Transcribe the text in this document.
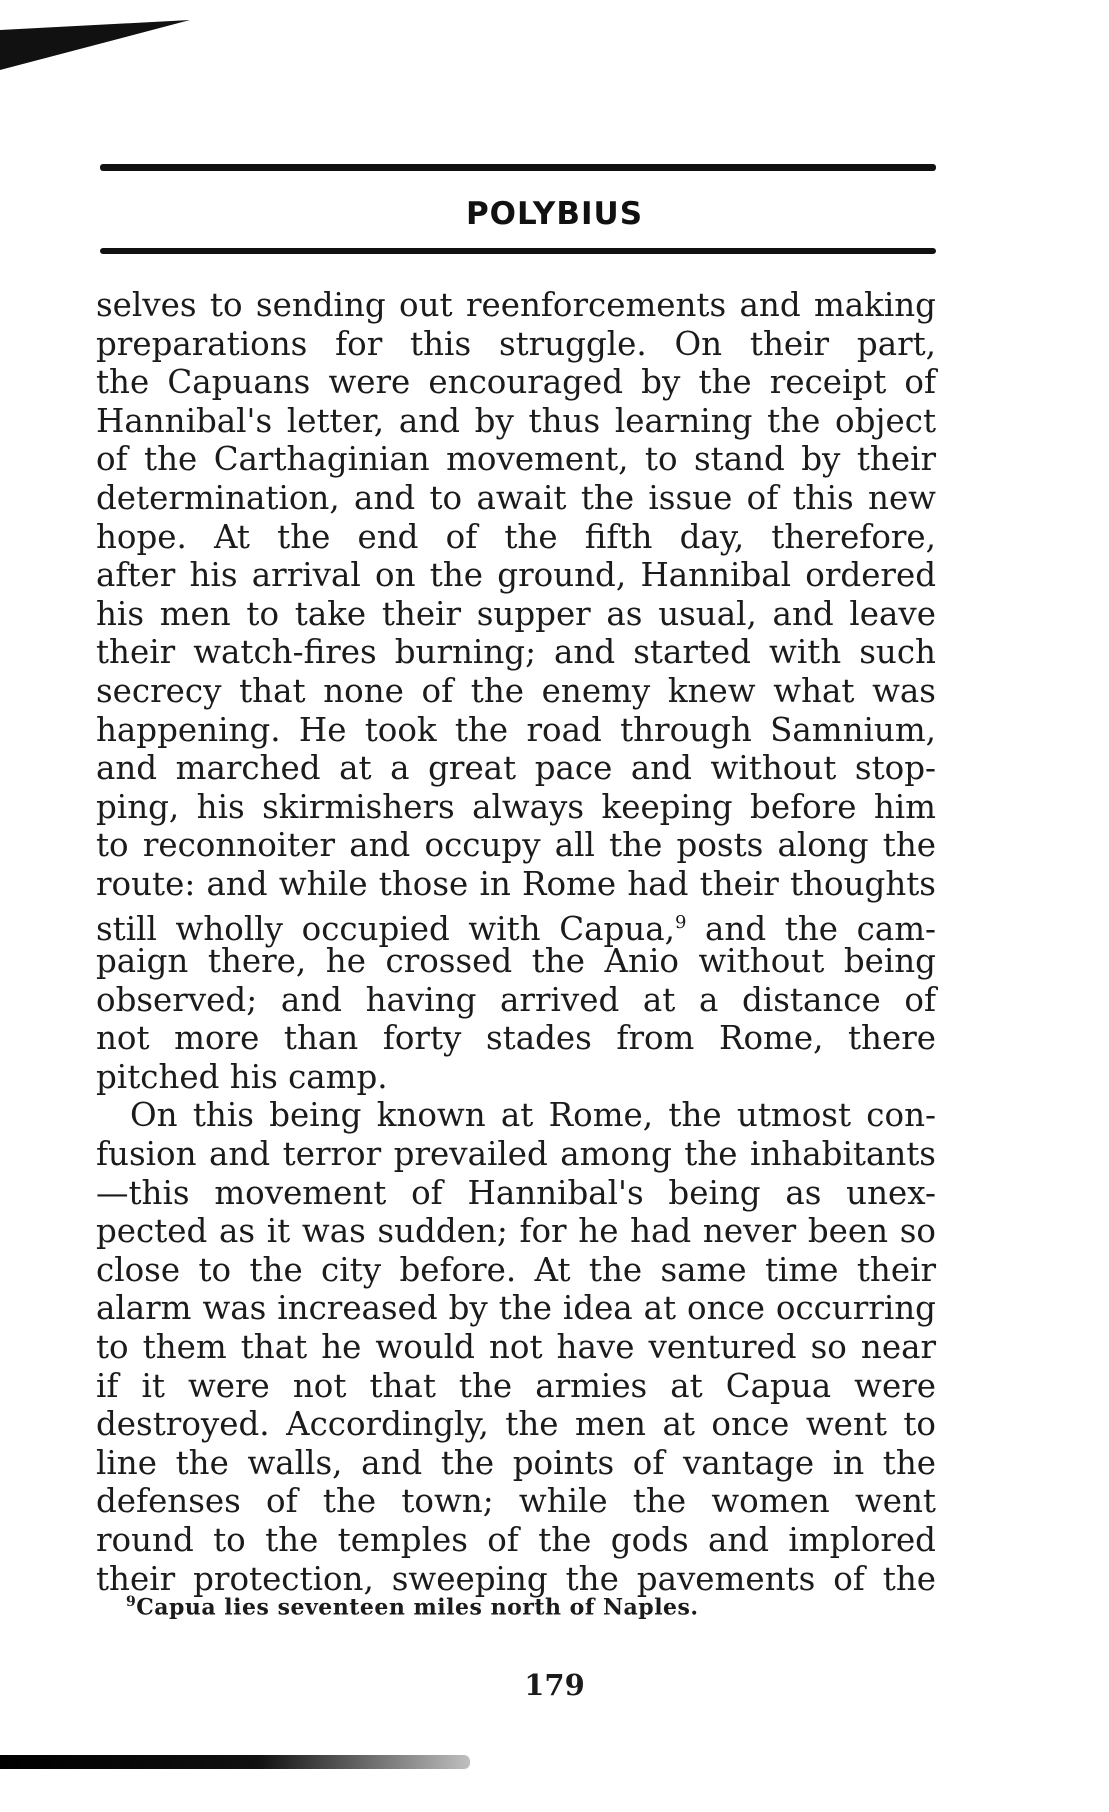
POLYBIUS
selves to sending out reenforcements and making
preparations for this struggle. On their part,
the Capuans were encouraged by the receipt of
Hannibal's letter, and by thus learning the object
of the Carthaginian movement, to stand by their
determination, and to await the issue of this new
hope. At the end of the fifth day, therefore,
after his arrival on the ground, Hannibal ordered
his men to take their supper as usual, and leave
their watch-fires burning; and started with such
secrecy that none of the enemy knew what was
happening. He took the road through Samnium,
and marched at a great pace and without stop-
ping, his skirmishers always keeping before him
to reconnoiter and occupy all the posts along the
route: and while those in Rome had their thoughts
still wholly occupied with Capua,$^9$ and the cam-
paign there, he crossed the Anio without being
observed; and having arrived at a distance of
not more than forty stades from Rome, there
pitched his camp.
On this being known at Rome, the utmost con-
fusion and terror prevailed among the inhabitants
—this movement of Hannibal's being as unex-
pected as it was sudden; for he had never been so
close to the city before. At the same time their
alarm was increased by the idea at once occurring
to them that he would not have ventured so near
if it were not that the armies at Capua were
destroyed. Accordingly, the men at once went to
line the walls, and the points of vantage in the
defenses of the town; while the women went
round to the temples of the gods and implored
their protection, sweeping the pavements of the
$^9$Capua lies seventeen miles north of Naples.
179
